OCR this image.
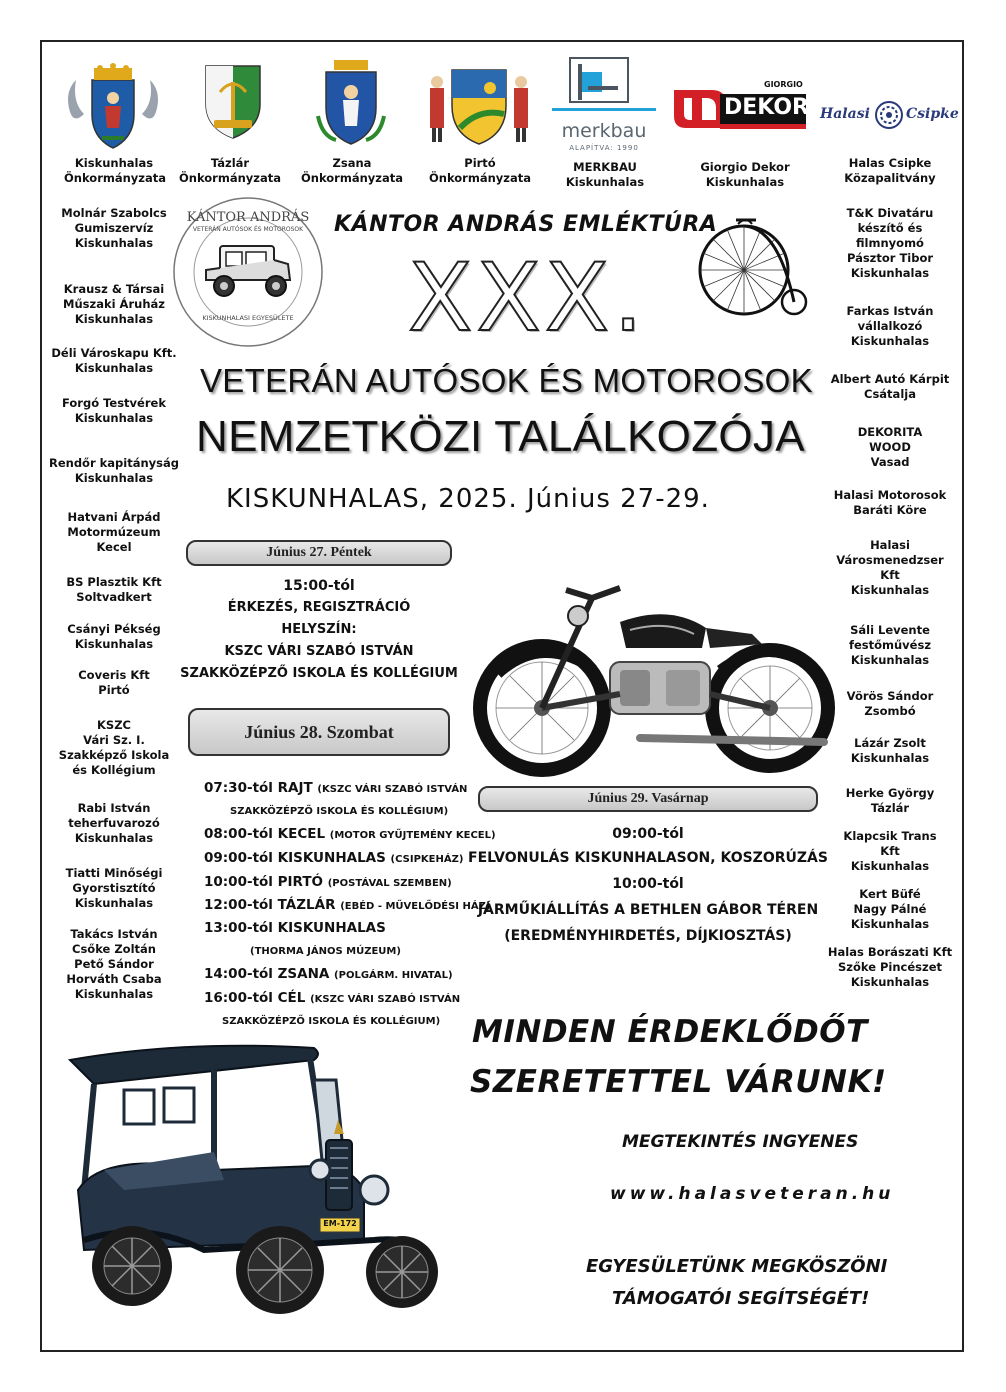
Kiskunhalas
Önkormányzata
Tázlár
Önkormányzata
Zsana
Önkormányzata
Pirtó
Önkormányzata
merkbau
ALAPÍTVA: 1990
MERKBAU
Kiskunhalas
GIORGIO
DEKOR
Giorgio Dekor
Kiskunhalas
Halasi	Csipke
Halas Csipke
Közapalitvány
Molnár Szabolcs
Gumiszervíz
Kiskunhalas
Krausz & Társai
Műszaki Áruház
Kiskunhalas
Déli Városkapu Kft.
Kiskunhalas
Forgó Testvérek
Kiskunhalas
Rendőr kapitányság
Kiskunhalas
Hatvani Árpád
Motormúzeum
Kecel
BS Plasztik Kft
Soltvadkert
Csányi Pékség
Kiskunhalas
Coveris Kft
Pirtó
KSZC
Vári Sz. I.
Szakképző Iskola
és Kollégium
Rabi István
teherfuvarozó
Kiskunhalas
Tiatti Minőségi
Gyorstisztító
Kiskunhalas
Takács István
Csőke Zoltán
Pető Sándor
Horváth Csaba
Kiskunhalas
T&K Divatáru
készítő és
filmnyomó
Pásztor Tibor
Kiskunhalas
Farkas István
vállalkozó
Kiskunhalas
Albert Autó Kárpit
Csátalja
DEKORITA
WOOD
Vasad
Halasi Motorosok
Baráti Köre
Halasi
Városmenedzser
Kft
Kiskunhalas
Sáli Levente
festőművész
Kiskunhalas
Vörös Sándor
Zsombó
Lázár Zsolt
Kiskunhalas
Herke György
Tázlár
Klapcsik Trans
Kft
Kiskunhalas
Kert Büfé
Nagy Pálné
Kiskunhalas
Halas Borászati Kft
Szőke Pincészet
Kiskunhalas
KÁNTOR ANDRÁS
VETERÁN AUTÓSOK ÉS MOTOROSOK
KISKUNHALASI EGYESÜLETE
KÁNTOR ANDRÁS EMLÉKTÚRA
XXX.
VETERÁN AUTÓSOK ÉS MOTOROSOK
NEMZETKÖZI TALÁLKOZÓJA
KISKUNHALAS, 2025. Június 27-29.
Június 27. Péntek
15:00-tól
ÉRKEZÉS, REGISZTRÁCIÓ
HELYSZÍN:
KSZC VÁRI SZABÓ ISTVÁN
SZAKKÖZÉPZŐ ISKOLA ÉS KOLLÉGIUM
Június 28. Szombat
07:30-tól RAJT (KSZC VÁRI SZABÓ ISTVÁN
SZAKKÖZÉPZŐ ISKOLA ÉS KOLLÉGIUM)
08:00-tól KECEL (MOTOR GYŰJTEMÉNY KECEL)
09:00-tól KISKUNHALAS (CSIPKEHÁZ)
10:00-tól PIRTÓ (POSTÁVAL SZEMBEN)
12:00-tól TÁZLÁR (EBÉD - MŰVELŐDÉSI HÁZ)
13:00-tól KISKUNHALAS
(THORMA JÁNOS MÚZEUM)
14:00-tól ZSANA (POLGÁRM. HIVATAL)
16:00-tól CÉL (KSZC VÁRI SZABÓ ISTVÁN
SZAKKÖZÉPZŐ ISKOLA ÉS KOLLÉGIUM)
Június 29. Vasárnap
09:00-tól
FELVONULÁS KISKUNHALASON, KOSZORÚZÁS
10:00-tól
JÁRMŰKIÁLLÍTÁS A BETHLEN GÁBOR TÉREN
(EREDMÉNYHIRDETÉS, DÍJKIOSZTÁS)
EM-172
MINDEN ÉRDEKLŐDŐT
SZERETETTEL VÁRUNK!
MEGTEKINTÉS INGYENES
www.halasveteran.hu
EGYESÜLETÜNK MEGKÖSZÖNI
TÁMOGATÓI SEGÍTSÉGÉT!
